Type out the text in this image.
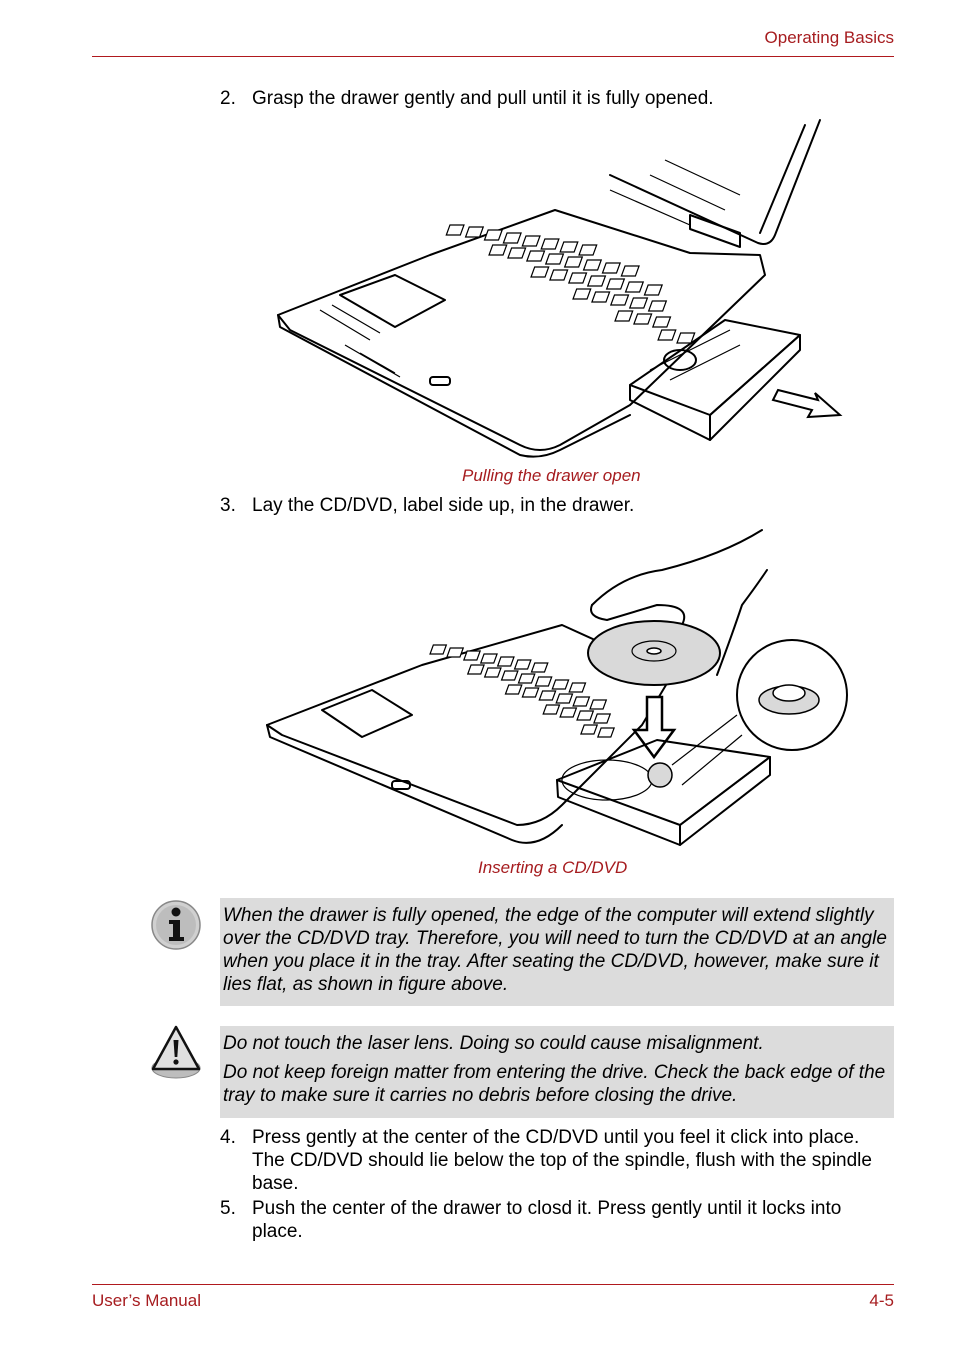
Operating Basics
2. Grasp the drawer gently and pull until it is fully opened.
Pulling the drawer open
3. Lay the CD/DVD, label side up, in the drawer.
Inserting a CD/DVD

When the drawer is fully opened, the edge of the computer will extend slightly over the CD/DVD tray. Therefore, you will need to turn the CD/DVD at an angle when you place it in the tray. After seating the CD/DVD, however, make sure it lies flat, as shown in figure above.

Do not touch the laser lens. Doing so could cause misalignment.

Do not keep foreign matter from entering the drive. Check the back edge of the tray to make sure it carries no debris before closing the drive.

4. Press gently at the center of the CD/DVD until you feel it click into place. The CD/DVD should lie below the top of the spindle, flush with the spindle base.
5. Push the center of the drawer to closd it. Press gently until it locks into place.
User’s Manual	4-5
